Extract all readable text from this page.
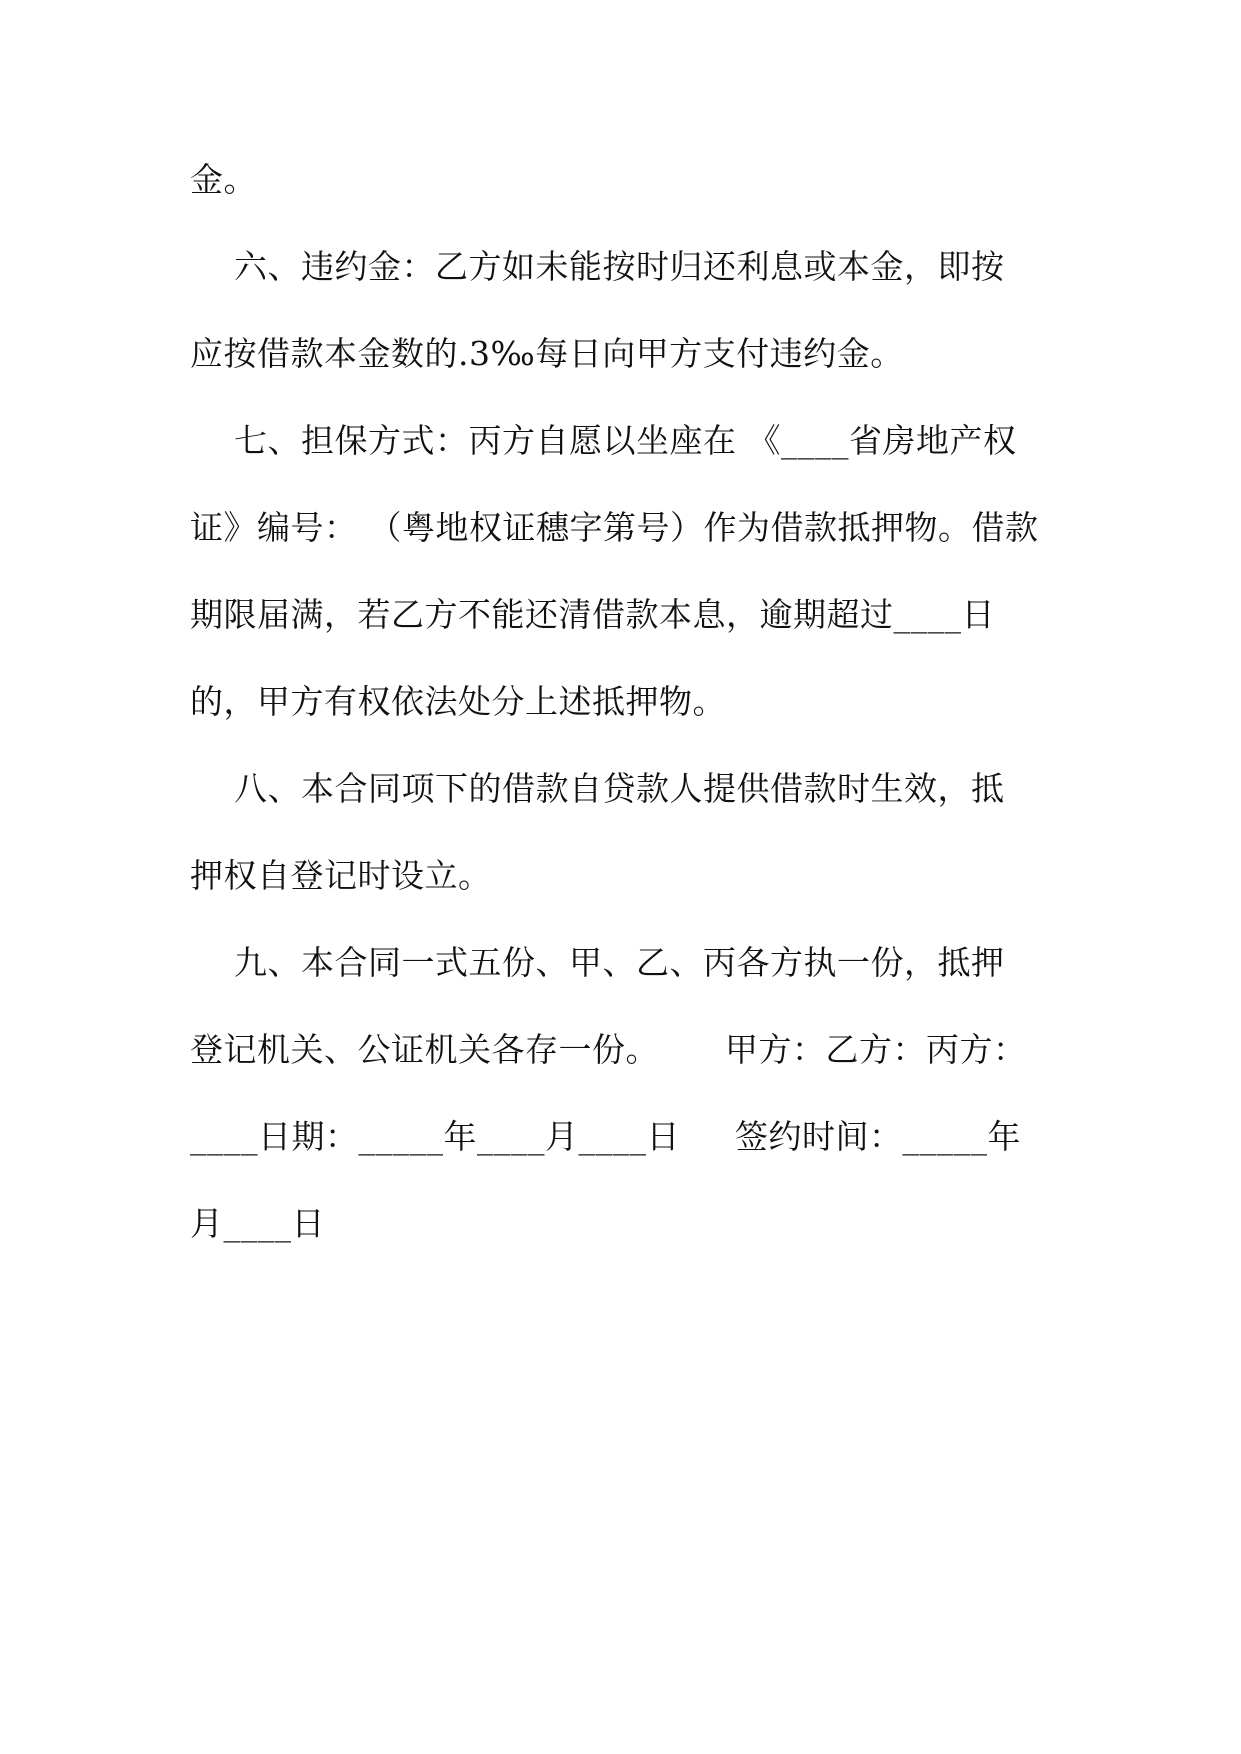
金。
六、违约金：乙方如未能按时归还利息或本金，即按
应按借款本金数的.3‰每日向甲方支付违约金。
七、担保方式：丙方自愿以坐座在 《____省房地产权
证》编号： （粤地权证穗字第号）作为借款抵押物。借款
期限届满，若乙方不能还清借款本息，逾期超过____日
的，甲方有权依法处分上述抵押物。
八、本合同项下的借款自贷款人提供借款时生效，抵
押权自登记时设立。
九、本合同一式五份、甲、乙、丙各方执一份，抵押
登记机关、公证机关各存一份。      甲方：乙方：丙方：
____日期：_____年____月____日     签约时间：_____年
月____日
